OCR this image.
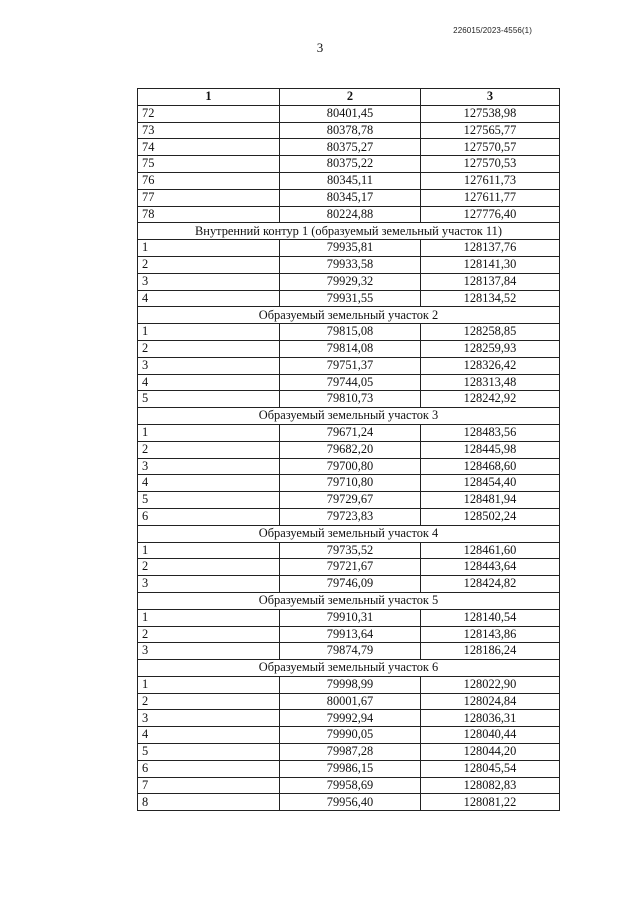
226015/2023-4556(1)
3
1	2	3
72	80401,45	127538,98
73	80378,78	127565,77
74	80375,27	127570,57
75	80375,22	127570,53
76	80345,11	127611,73
77	80345,17	127611,77
78	80224,88	127776,40
Внутренний контур 1 (образуемый земельный участок 11)		
1	79935,81	128137,76
2	79933,58	128141,30
3	79929,32	128137,84
4	79931,55	128134,52
Образуемый земельный участок 2		
1	79815,08	128258,85
2	79814,08	128259,93
3	79751,37	128326,42
4	79744,05	128313,48
5	79810,73	128242,92
Образуемый земельный участок 3		
1	79671,24	128483,56
2	79682,20	128445,98
3	79700,80	128468,60
4	79710,80	128454,40
5	79729,67	128481,94
6	79723,83	128502,24
Образуемый земельный участок 4		
1	79735,52	128461,60
2	79721,67	128443,64
3	79746,09	128424,82
Образуемый земельный участок 5		
1	79910,31	128140,54
2	79913,64	128143,86
3	79874,79	128186,24
Образуемый земельный участок 6		
1	79998,99	128022,90
2	80001,67	128024,84
3	79992,94	128036,31
4	79990,05	128040,44
5	79987,28	128044,20
6	79986,15	128045,54
7	79958,69	128082,83
8	79956,40	128081,22
